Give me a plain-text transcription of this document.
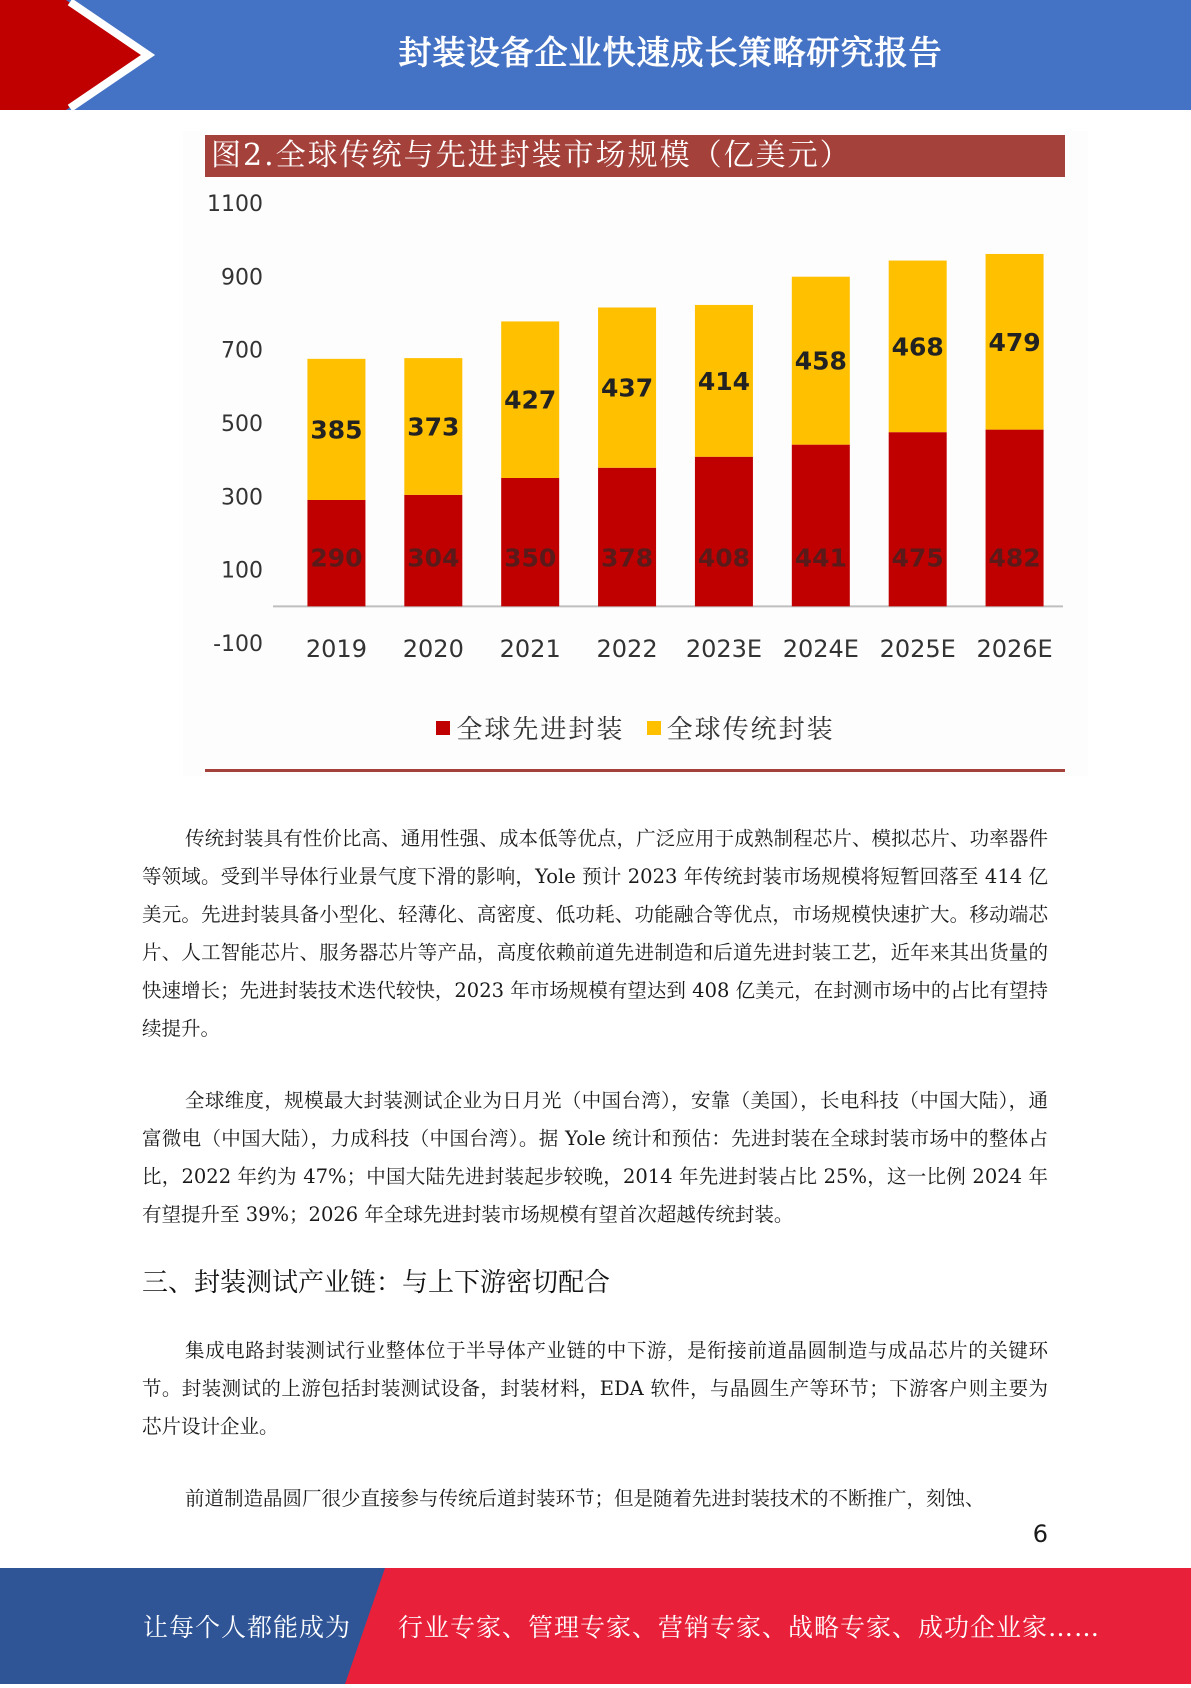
封装设备企业快速成长策略研究报告
图2.全球传统与先进封装市场规模（亿美元）
1100
900
700
500
300
100
-100
290
385
2019
304
373
2020
350
427
2021
378
437
2022
408
414
2023E
441
458
2024E
475
468
2025E
482
479
2026E
全球先进封装 全球传统封装

传统封装具有性价比高、通用性强、成本低等优点，广泛应用于成熟制程芯片、模拟芯片、功率器件等领域。受到半导体行业景气度下滑的影响，Yole 预计 2023 年传统封装市场规模将短暂回落至 414 亿美元。先进封装具备小型化、轻薄化、高密度、低功耗、功能融合等优点，市场规模快速扩大。移动端芯片、人工智能芯片、服务器芯片等产品，高度依赖前道先进制造和后道先进封装工艺，近年来其出货量的快速增长；先进封装技术迭代较快，2023 年市场规模有望达到 408 亿美元，在封测市场中的占比有望持续提升。

全球维度，规模最大封装测试企业为日月光（中国台湾），安靠（美国），长电科技（中国大陆），通富微电（中国大陆），力成科技（中国台湾）。据 Yole 统计和预估：先进封装在全球封装市场中的整体占比，2022 年约为 47%；中国大陆先进封装起步较晚，2014 年先进封装占比 25%，这一比例 2024 年有望提升至 39%；2026 年全球先进封装市场规模有望首次超越传统封装。

三、封装测试产业链：与上下游密切配合

集成电路封装测试行业整体位于半导体产业链的中下游，是衔接前道晶圆制造与成品芯片的关键环节。封装测试的上游包括封装测试设备，封装材料，EDA 软件，与晶圆生产等环节；下游客户则主要为芯片设计企业。

前道制造晶圆厂很少直接参与传统后道封装环节；但是随着先进封装技术的不断推广，刻蚀、

6
让每个人都能成为 行业专家、管理专家、营销专家、战略专家、成功企业家……
